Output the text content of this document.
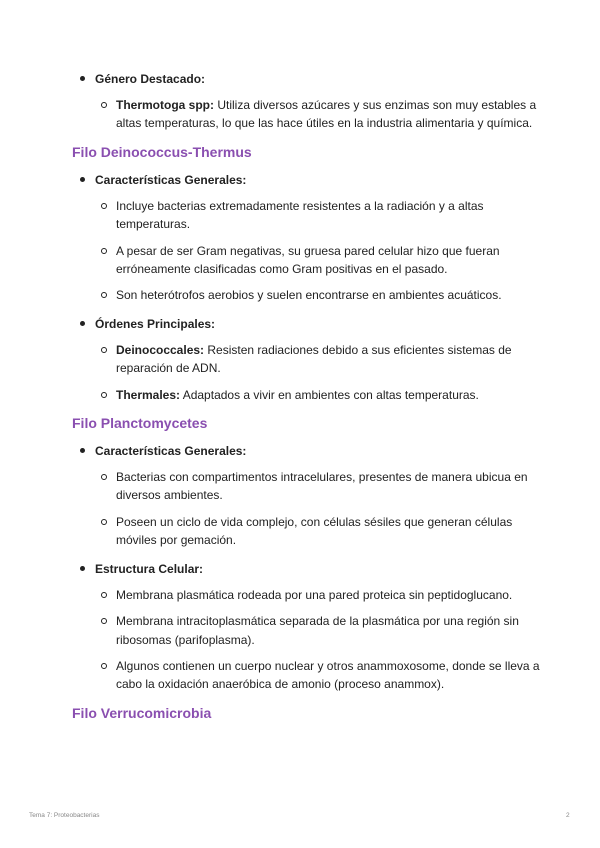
Género Destacado:
Thermotoga spp: Utiliza diversos azúcares y sus enzimas son muy estables a altas temperaturas, lo que las hace útiles en la industria alimentaria y química.
Filo Deinococcus-Thermus
Características Generales:
Incluye bacterias extremadamente resistentes a la radiación y a altas temperaturas.
A pesar de ser Gram negativas, su gruesa pared celular hizo que fueran erróneamente clasificadas como Gram positivas en el pasado.
Son heterótrofos aerobios y suelen encontrarse en ambientes acuáticos.
Órdenes Principales:
Deinococcales: Resisten radiaciones debido a sus eficientes sistemas de reparación de ADN.
Thermales: Adaptados a vivir en ambientes con altas temperaturas.
Filo Planctomycetes
Características Generales:
Bacterias con compartimentos intracelulares, presentes de manera ubicua en diversos ambientes.
Poseen un ciclo de vida complejo, con células sésiles que generan células móviles por gemación.
Estructura Celular:
Membrana plasmática rodeada por una pared proteica sin peptidoglucano.
Membrana intracitoplasmática separada de la plasmática por una región sin ribosomas (parifoplasma).
Algunos contienen un cuerpo nuclear y otros anammoxosome, donde se lleva a cabo la oxidación anaeróbica de amonio (proceso anammox).
Filo Verrucomicrobia
Tema 7: Proteobacterias	2
